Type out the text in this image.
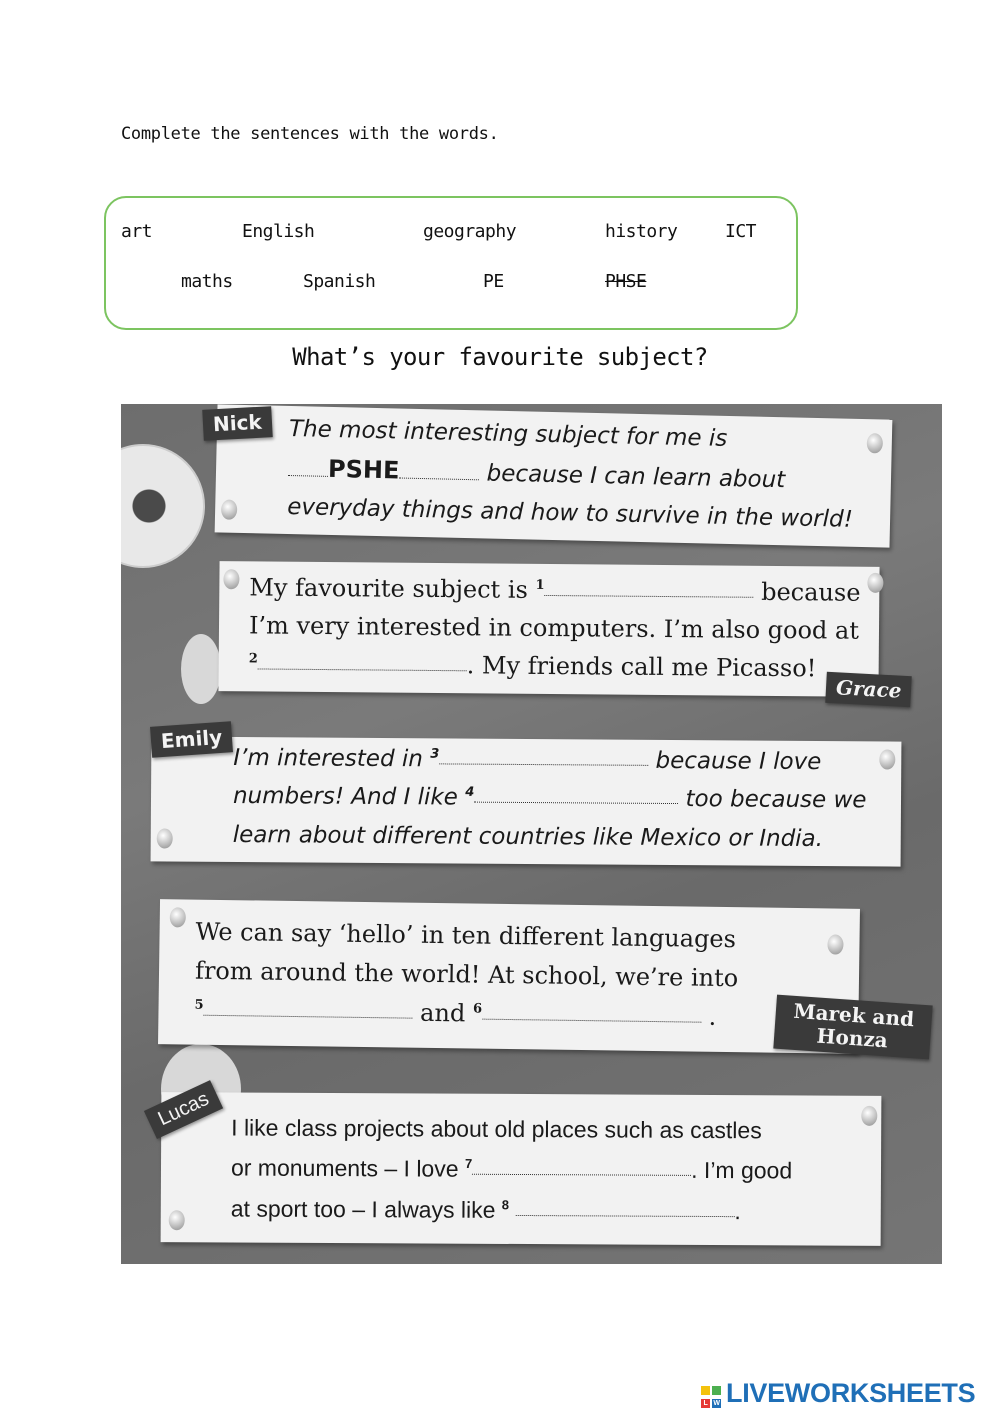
Complete the sentences with the words.
art	English	geography	history	ICT
maths	Spanish	PE	PHSE
What’s your favourite subject?
The most interesting subject for me is
PSHE	because I can learn about
everyday things and how to survive in the world!
Nick
My favourite subject is $^1$	because
I’m very interested in computers. I’m also good at
$^2$	. My friends call me Picasso!
Grace
I’m interested in $^3$	because I love
numbers! And I like $^4$	too because we
learn about different countries like Mexico or India.
Emily
We can say ‘hello’ in ten different languages
from around the world! At school, we’re into
$^5$	and $^6$	.	Marek and
Honza
I like class projects about old places such as castles
or monuments – I love $^7$	. I’m good
at sport too – I always like $^8$	.
Lucas
L W LIVEWORKSHEETS
